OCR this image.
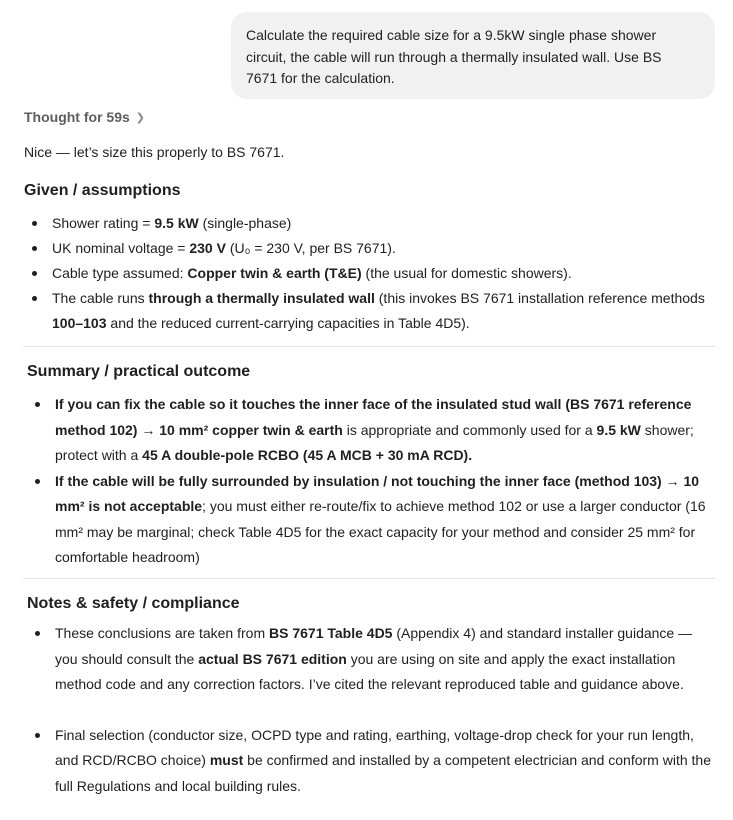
Calculate the required cable size for a 9.5kW single phase shower circuit, the cable will run through a thermally insulated wall. Use BS 7671 for the calculation.
Thought for 59s ❯
Nice — let’s size this properly to BS 7671.
Given / assumptions
Shower rating = 9.5 kW (single-phase)
UK nominal voltage = 230 V (U₀ = 230 V, per BS 7671).
Cable type assumed: Copper twin & earth (T&E) (the usual for domestic showers).
The cable runs through a thermally insulated wall (this invokes BS 7671 installation reference methods 100–103 and the reduced current-carrying capacities in Table 4D5).
Summary / practical outcome
If you can fix the cable so it touches the inner face of the insulated stud wall (BS 7671 reference method 102) → 10 mm² copper twin & earth is appropriate and commonly used for a 9.5 kW shower; protect with a 45 A double-pole RCBO (45 A MCB + 30 mA RCD).
If the cable will be fully surrounded by insulation / not touching the inner face (method 103) → 10 mm² is not acceptable; you must either re-route/fix to achieve method 102 or use a larger conductor (16 mm² may be marginal; check Table 4D5 for the exact capacity for your method and consider 25 mm² for comfortable headroom)
Notes & safety / compliance
These conclusions are taken from BS 7671 Table 4D5 (Appendix 4) and standard installer guidance — you should consult the actual BS 7671 edition you are using on site and apply the exact installation method code and any correction factors. I’ve cited the relevant reproduced table and guidance above.
Final selection (conductor size, OCPD type and rating, earthing, voltage-drop check for your run length, and RCD/RCBO choice) must be confirmed and installed by a competent electrician and conform with the full Regulations and local building rules.
